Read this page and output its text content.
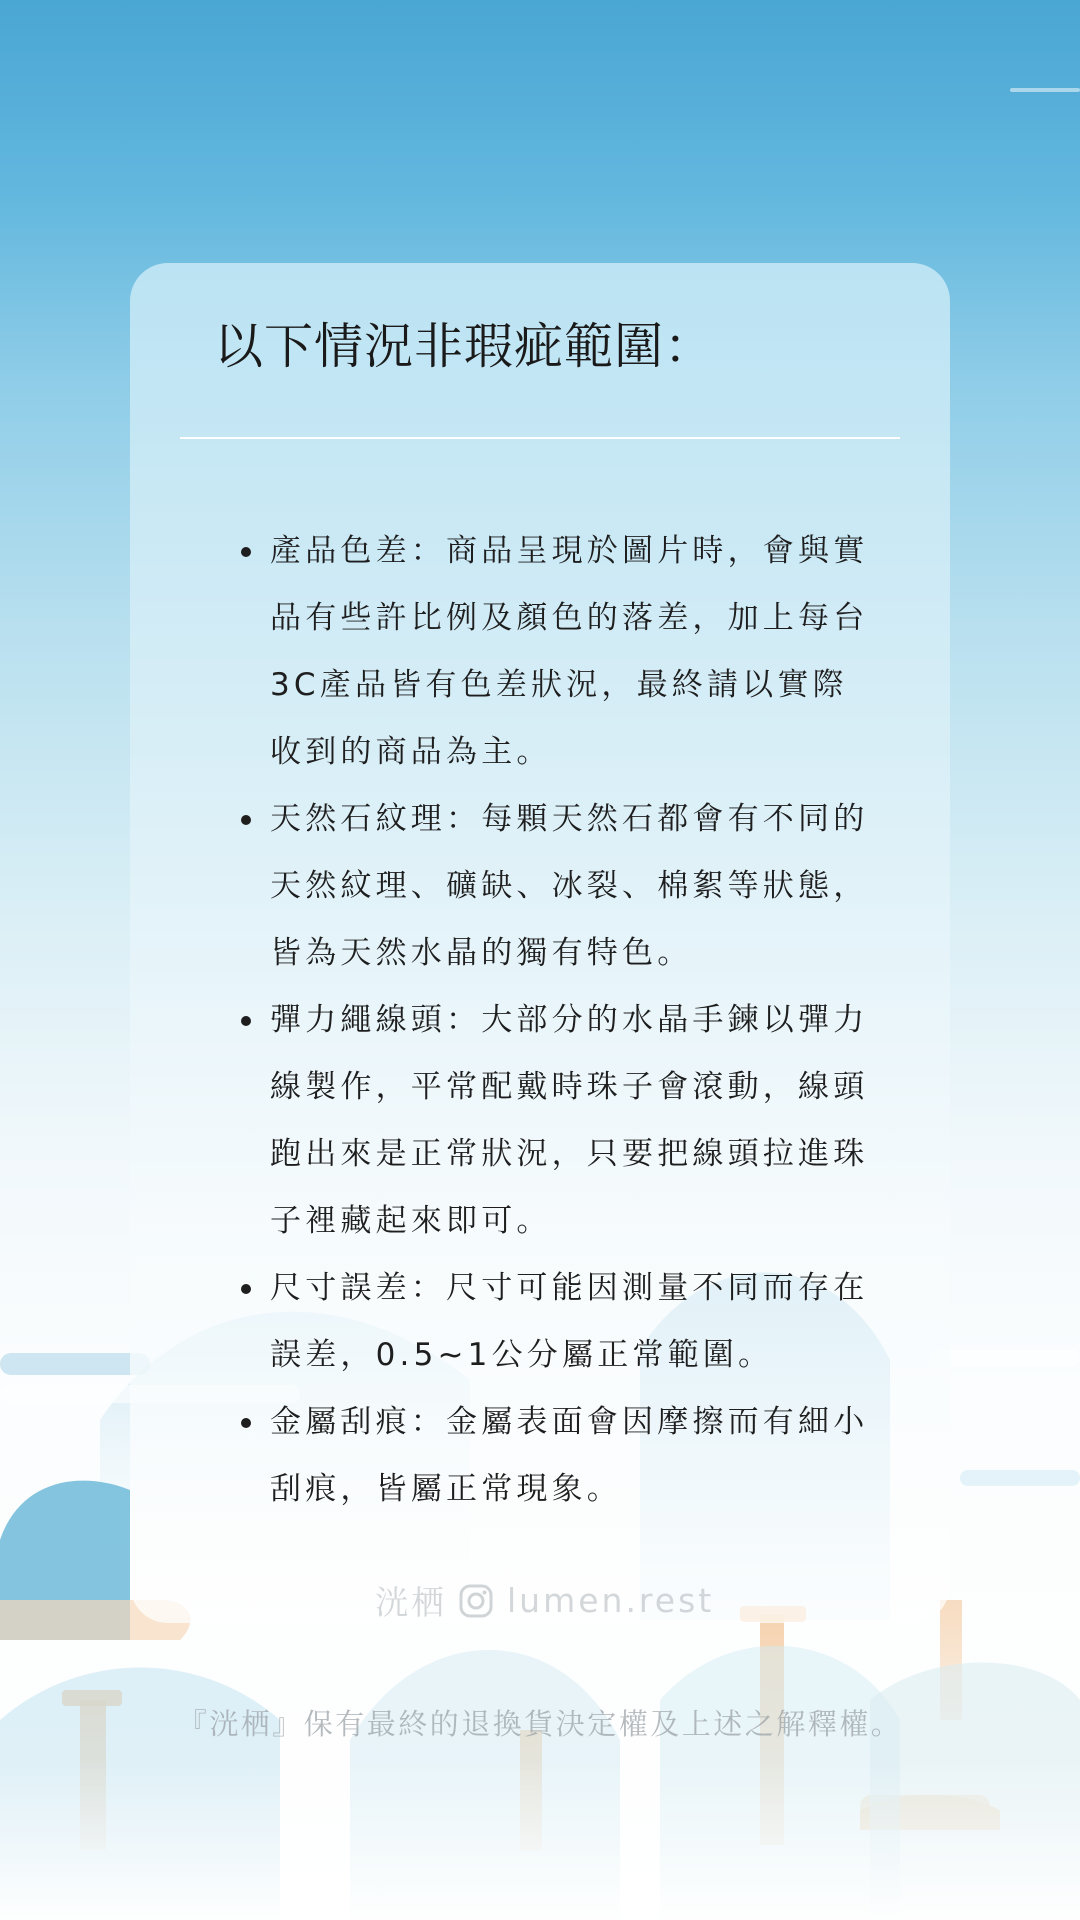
以下情況非瑕疵範圍：
產品色差：商品呈現於圖片時，會與實品有些許比例及顏色的落差，加上每台3C產品皆有色差狀況，最終請以實際收到的商品為主。
天然石紋理：每顆天然石都會有不同的天然紋理、礦缺、冰裂、棉絮等狀態，皆為天然水晶的獨有特色。
彈力繩線頭：大部分的水晶手鍊以彈力線製作，平常配戴時珠子會滾動，線頭跑出來是正常狀況，只要把線頭拉進珠子裡藏起來即可。
尺寸誤差：尺寸可能因測量不同而存在誤差，0.5~1公分屬正常範圍。
金屬刮痕：金屬表面會因摩擦而有細小刮痕，皆屬正常現象。
洸栖 lumen.rest
『洸栖』保有最終的退換貨決定權及上述之解釋權。
